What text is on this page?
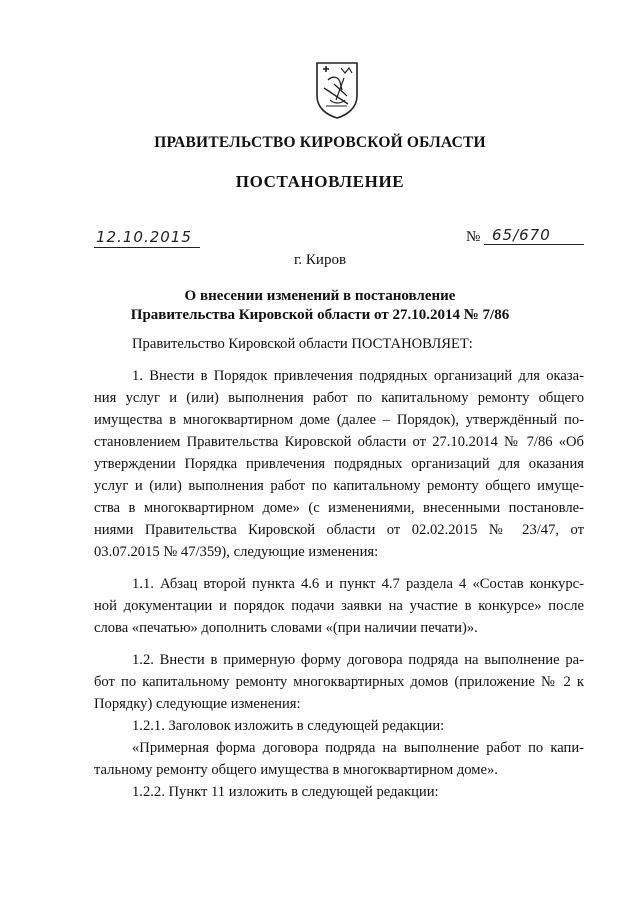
ПРАВИТЕЛЬСТВО КИРОВСКОЙ ОБЛАСТИ
ПОСТАНОВЛЕНИЕ
12.10.2015	№ 65/670
г. Киров
О внесении изменений в постановление
Правительства Кировской области от 27.10.2014 № 7/86
Правительство Кировской области ПОСТАНОВЛЯЕТ:
1. Внести в Порядок привлечения подрядных организаций для оказа-
ния услуг и (или) выполнения работ по капитальному ремонту общего
имущества в многоквартирном доме (далее – Порядок), утверждённый по-
становлением Правительства Кировской области от 27.10.2014 № 7/86 «Об
утверждении Порядка привлечения подрядных организаций для оказания
услуг и (или) выполнения работ по капитальному ремонту общего имуще-
ства в многоквартирном доме» (с изменениями, внесенными постановле-
ниями Правительства Кировской области от 02.02.2015 № 23/47, от
03.07.2015 № 47/359), следующие изменения:
1.1. Абзац второй пункта 4.6 и пункт 4.7 раздела 4 «Состав конкурс-
ной документации и порядок подачи заявки на участие в конкурсе» после
слова «печатью» дополнить словами «(при наличии печати)».
1.2. Внести в примерную форму договора подряда на выполнение ра-
бот по капитальному ремонту многоквартирных домов (приложение № 2 к
Порядку) следующие изменения:
1.2.1. Заголовок изложить в следующей редакции:
«Примерная форма договора подряда на выполнение работ по капи-
тальному ремонту общего имущества в многоквартирном доме».
1.2.2. Пункт 11 изложить в следующей редакции:
